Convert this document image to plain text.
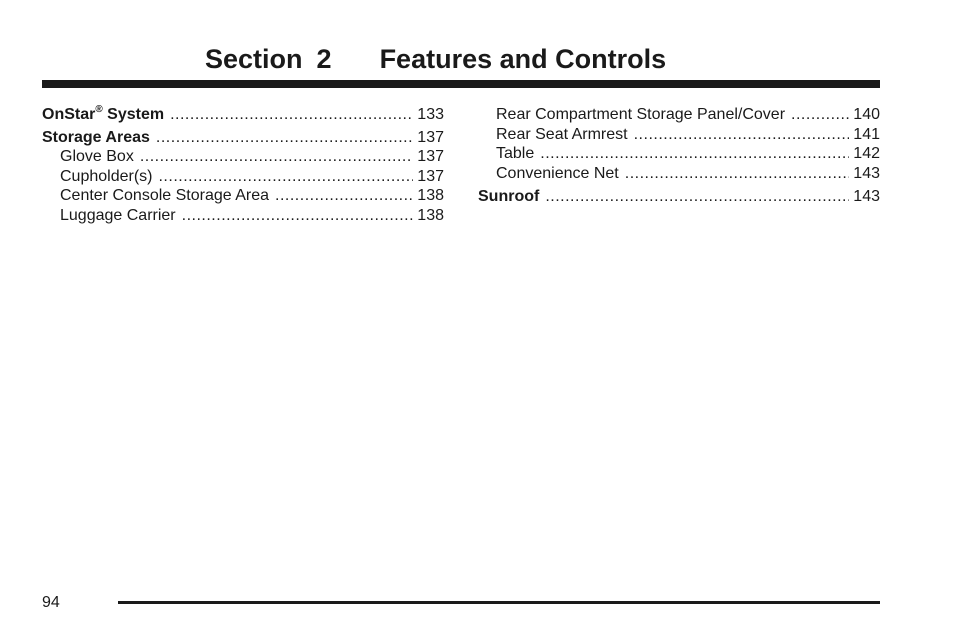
Section 2 Features and Controls
OnStar® System .....	133
Storage Areas .....	137
Glove Box .....	137
Cupholder(s) .....	137
Center Console Storage Area .....	138
Luggage Carrier .....	138
Rear Compartment Storage Panel/Cover .....	140
Rear Seat Armrest .....	141
Table .....	142
Convenience Net .....	143
Sunroof .....	143
94
